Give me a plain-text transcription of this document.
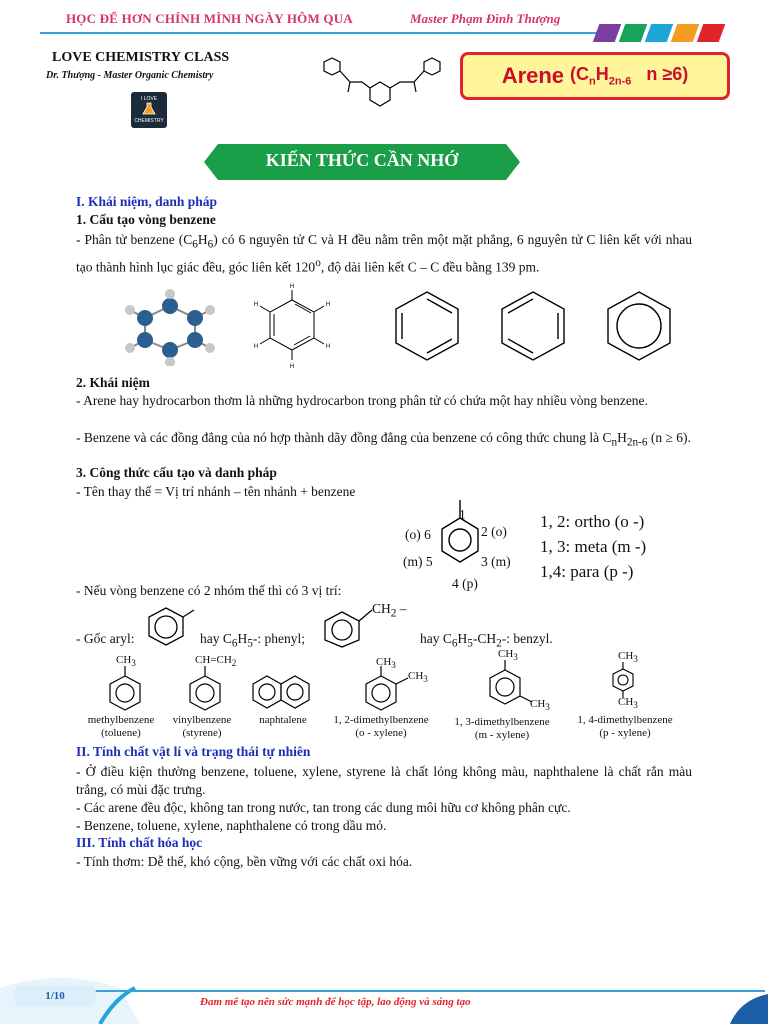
HỌC ĐỂ HƠN CHÍNH MÌNH NGÀY HÔM QUA	Master Phạm Đình Thượng
LOVE CHEMISTRY CLASS
Dr. Thượng - Master Organic Chemistry
I LOVE
CHEMISTRY
Arene ($C_nH_{2n-6}$   n ≥6)
KIẾN THỨC CẦN NHỚ
I. Khái niệm, danh pháp
1. Cấu tạo vòng benzene
- Phân tử benzene $(C_6H_6)$ có 6 nguyên tử C và H đều nằm trên một mặt phẳng, 6 nguyên tử C liên kết với nhau tạo thành hình lục giác đều, góc liên kết 120$^o$, độ dài liên kết C – C đều bằng 139 pm.
H
H
H
H
H
H
2. Khái niệm
- Arene hay hydrocarbon thơm là những hydrocarbon trong phân tử có chứa một hay nhiều vòng benzene.
- Benzene và các đồng đẳng của nó hợp thành dãy đồng đẳng của benzene có công thức chung là $C_nH_{2n-6}$ (n ≥ 6).
3. Công thức cấu tạo và danh pháp
- Tên thay thế = Vị trí nhánh – tên nhánh + benzene
1
2 (o)
3 (m)
4 (p)
(m) 5
(o) 6
1, 2: ortho (o -)
1, 3: meta (m -)
1,4: para (p -)
- Nếu vòng benzene có 2 nhóm thế thì có 3 vị trí:
- Gốc aryl:	hay $C_6H_5-$: phenyl;
$CH_2$ –
hay $C_6H_5-CH_2-$: benzyl.
$CH_3$	$CH=CH_2$	$CH_3$
$CH_3$
$CH_3$
$CH_3$
$CH_3$
$CH_3$
methylbenzene
(toluene)
vinylbenzene
(styrene)
naphtalene	1, 2-dimethylbenzene
(o - xylene)
1, 3-dimethylbenzene
(m - xylene)
1, 4-dimethylbenzene
(p - xylene)
II. Tính chất vật lí và trạng thái tự nhiên
- Ở điều kiện thường benzene, toluene, xylene, styrene là chất lỏng không màu, naphthalene là chất rắn màu trắng, có mùi đặc trưng.
- Các arene đều độc, không tan trong nước, tan trong các dung môi hữu cơ không phân cực.
- Benzene, toluene, xylene, naphthalene có trong dầu mỏ.
III. Tính chất hóa học
- Tính thơm: Dễ thế, khó cộng, bền vững với các chất oxi hóa.
1/10	Đam mê tạo nên sức mạnh để học tập, lao động và sáng tạo
